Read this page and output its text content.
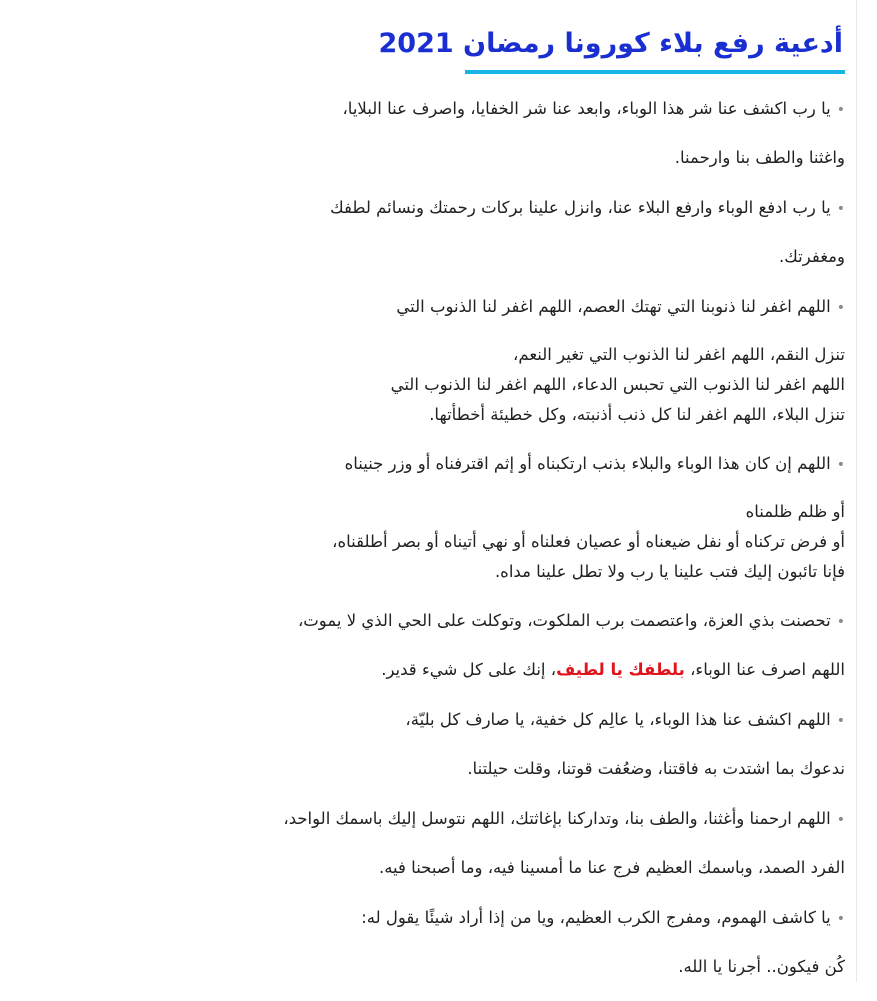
أدعية رفع بلاء كورونا رمضان 2021
•يا رب اكشف عنا شر هذا الوباء، وابعد عنا شر الخفايا، واصرف عنا البلايا،
واغثنا والطف بنا وارحمنا.
•يا رب ادفع الوباء وارفع البلاء عنا، وانزل علينا بركات رحمتك ونسائم لطفك
ومغفرتك.
•اللهم اغفر لنا ذنوبنا التي تهتك العصم، اللهم اغفر لنا الذنوب التي
تنزل النقم، اللهم اغفر لنا الذنوب التي تغير النعم،
اللهم اغفر لنا الذنوب التي تحبس الدعاء، اللهم اغفر لنا الذنوب التي
تنزل البلاء، اللهم اغفر لنا كل ذنب أذنبته، وكل خطيئة أخطأتها.
•اللهم إن كان هذا الوباء والبلاء بذنب ارتكبناه أو إثم اقترفناه أو وزر جنيناه
أو ظلم ظلمناه
أو فرض تركناه أو نفل ضيعناه أو عصيان فعلناه أو نهي أتيناه أو بصر أطلقناه،
فإنا تائبون إليك فتب علينا يا رب ولا تطل علينا مداه.
•تحصنت بذي العزة، واعتصمت برب الملكوت، وتوكلت على الحي الذي لا يموت،
اللهم اصرف عنا الوباء، بلطفك يا لطيف، إنك على كل شيء قدير.
•اللهم اكشف عنا هذا الوباء، يا عالِم كل خفية، يا صارف كل بليّة،
ندعوك بما اشتدت به فاقتنا، وضعُفت قوتنا، وقلت حيلتنا.
•اللهم ارحمنا وأغثنا، والطف بنا، وتداركنا بإغاثتك، اللهم نتوسل إليك باسمك الواحد،
الفرد الصمد، وباسمك العظيم فرج عنا ما أمسينا فيه، وما أصبحنا فيه.
•يا كاشف الهموم، ومفرج الكرب العظيم، ويا من إذا أراد شيئًا يقول له:
كُن فيكون.. أجرنا يا الله.
